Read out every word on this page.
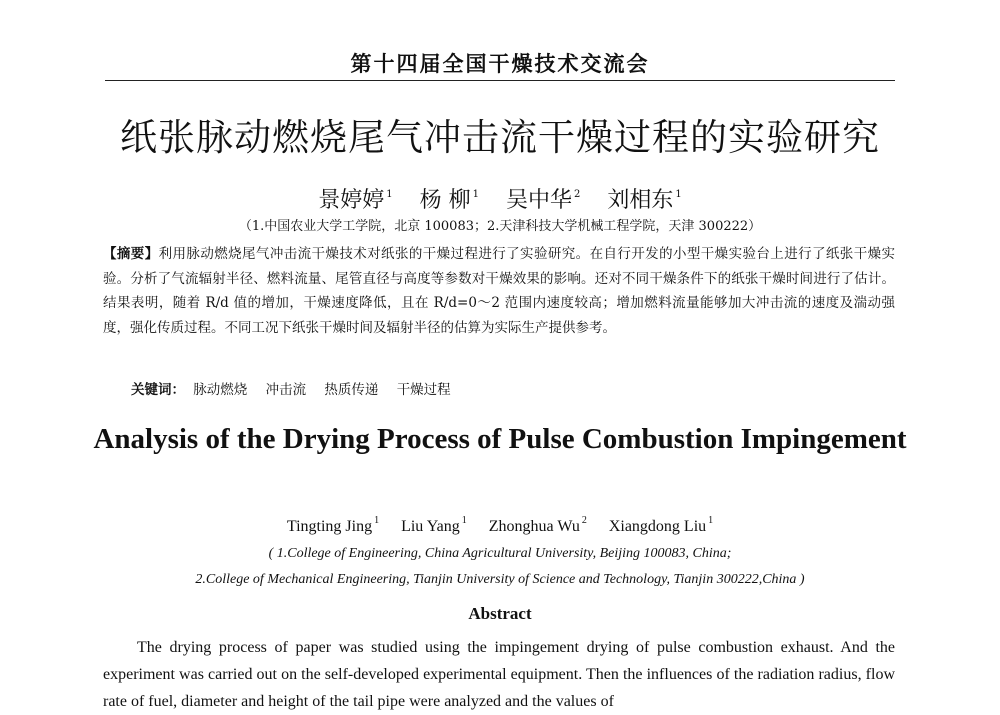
第十四届全国干燥技术交流会
纸张脉动燃烧尾气冲击流干燥过程的实验研究
景婷婷 $^1$ 杨 柳 $^1$ 吴中华 $^2$ 刘相东 $^1$
（1.中国农业大学工学院，北京 100083；2.天津科技大学机械工程学院，天津 300222）
【摘要】利用脉动燃烧尾气冲击流干燥技术对纸张的干燥过程进行了实验研究。在自行开发的小型干燥实验台上进行了纸张干燥实验。分析了气流辐射半径、燃料流量、尾管直径与高度等参数对干燥效果的影响。还对不同干燥条件下的纸张干燥时间进行了估计。结果表明，随着 R/d 值的增加，干燥速度降低，且在 R/d=0～2 范围内速度较高；增加燃料流量能够加大冲击流的速度及湍动强度，强化传质过程。不同工况下纸张干燥时间及辐射半径的估算为实际生产提供参考。
关键词： 脉动燃烧 冲击流 热质传递 干燥过程
Analysis of the Drying Process of Pulse Combustion Impingement
Tingting Jing $^1$ Liu Yang $^1$ Zhonghua Wu $^2$ Xiangdong Liu $^1$
( 1.College of Engineering, China Agricultural University, Beijing 100083, China;
2.College of Mechanical Engineering, Tianjin University of Science and Technology, Tianjin 300222,China )
Abstract
The drying process of paper was studied using the impingement drying of pulse combustion exhaust. And the experiment was carried out on the self-developed experimental equipment. Then the influences of the radiation radius, flow rate of fuel, diameter and height of the tail pipe were analyzed and the values of
